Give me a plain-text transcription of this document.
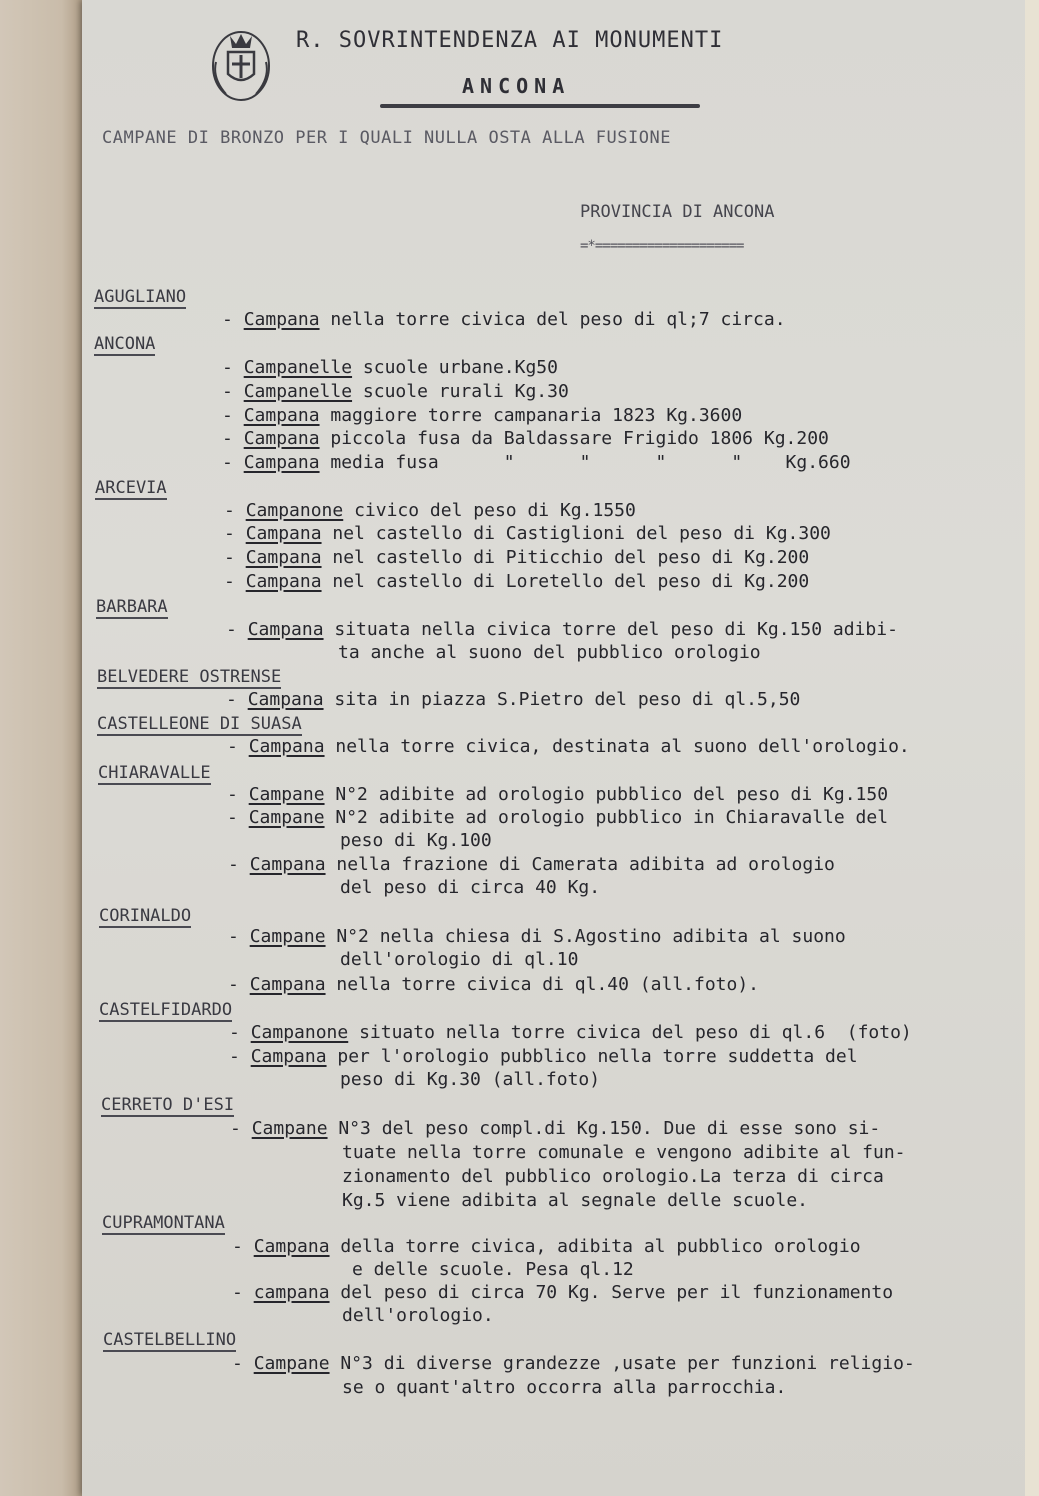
R. SOVRINTENDENZA AI MONUMENTI
ANCONA
CAMPANE DI BRONZO PER I QUALI NULLA OSTA ALLA FUSIONE
PROVINCIA DI ANCONA
=*====================
AGUGLIANO
ANCONA
ARCEVIA
BARBARA
BELVEDERE OSTRENSE
CASTELLEONE DI SUASA
CHIARAVALLE
CORINALDO
CASTELFIDARDO
CERRETO D'ESI
CUPRAMONTANA
CASTELBELLINO
- Campana nella torre civica del peso di ql;7 circa.
- Campanelle scuole urbane.Kg50
- Campanelle scuole rurali Kg.30
- Campana maggiore torre campanaria 1823 Kg.3600
- Campana piccola fusa da Baldassare Frigido 1806 Kg.200
- Campana media fusa      "      "      "      "    Kg.660
- Campanone civico del peso di Kg.1550
- Campana nel castello di Castiglioni del peso di Kg.300
- Campana nel castello di Piticchio del peso di Kg.200
- Campana nel castello di Loretello del peso di Kg.200
- Campana situata nella civica torre del peso di Kg.150 adibi-
ta anche al suono del pubblico orologio
- Campana sita in piazza S.Pietro del peso di ql.5,50
- Campana nella torre civica, destinata al suono dell'orologio.
- Campane N°2 adibite ad orologio pubblico del peso di Kg.150
- Campane N°2 adibite ad orologio pubblico in Chiaravalle del
peso di Kg.100
- Campana nella frazione di Camerata adibita ad orologio
del peso di circa 40 Kg.
- Campane N°2 nella chiesa di S.Agostino adibita al suono
dell'orologio di ql.10
- Campana nella torre civica di ql.40 (all.foto).
- Campanone situato nella torre civica del peso di ql.6  (foto)
- Campana per l'orologio pubblico nella torre suddetta del
peso di Kg.30 (all.foto)
- Campane N°3 del peso compl.di Kg.150. Due di esse sono si-
tuate nella torre comunale e vengono adibite al fun-
zionamento del pubblico orologio.La terza di circa
Kg.5 viene adibita al segnale delle scuole.
- Campana della torre civica, adibita al pubblico orologio
e delle scuole. Pesa ql.12
- campana del peso di circa 70 Kg. Serve per il funzionamento
dell'orologio.
- Campane N°3 di diverse grandezze ,usate per funzioni religio-
se o quant'altro occorra alla parrocchia.
